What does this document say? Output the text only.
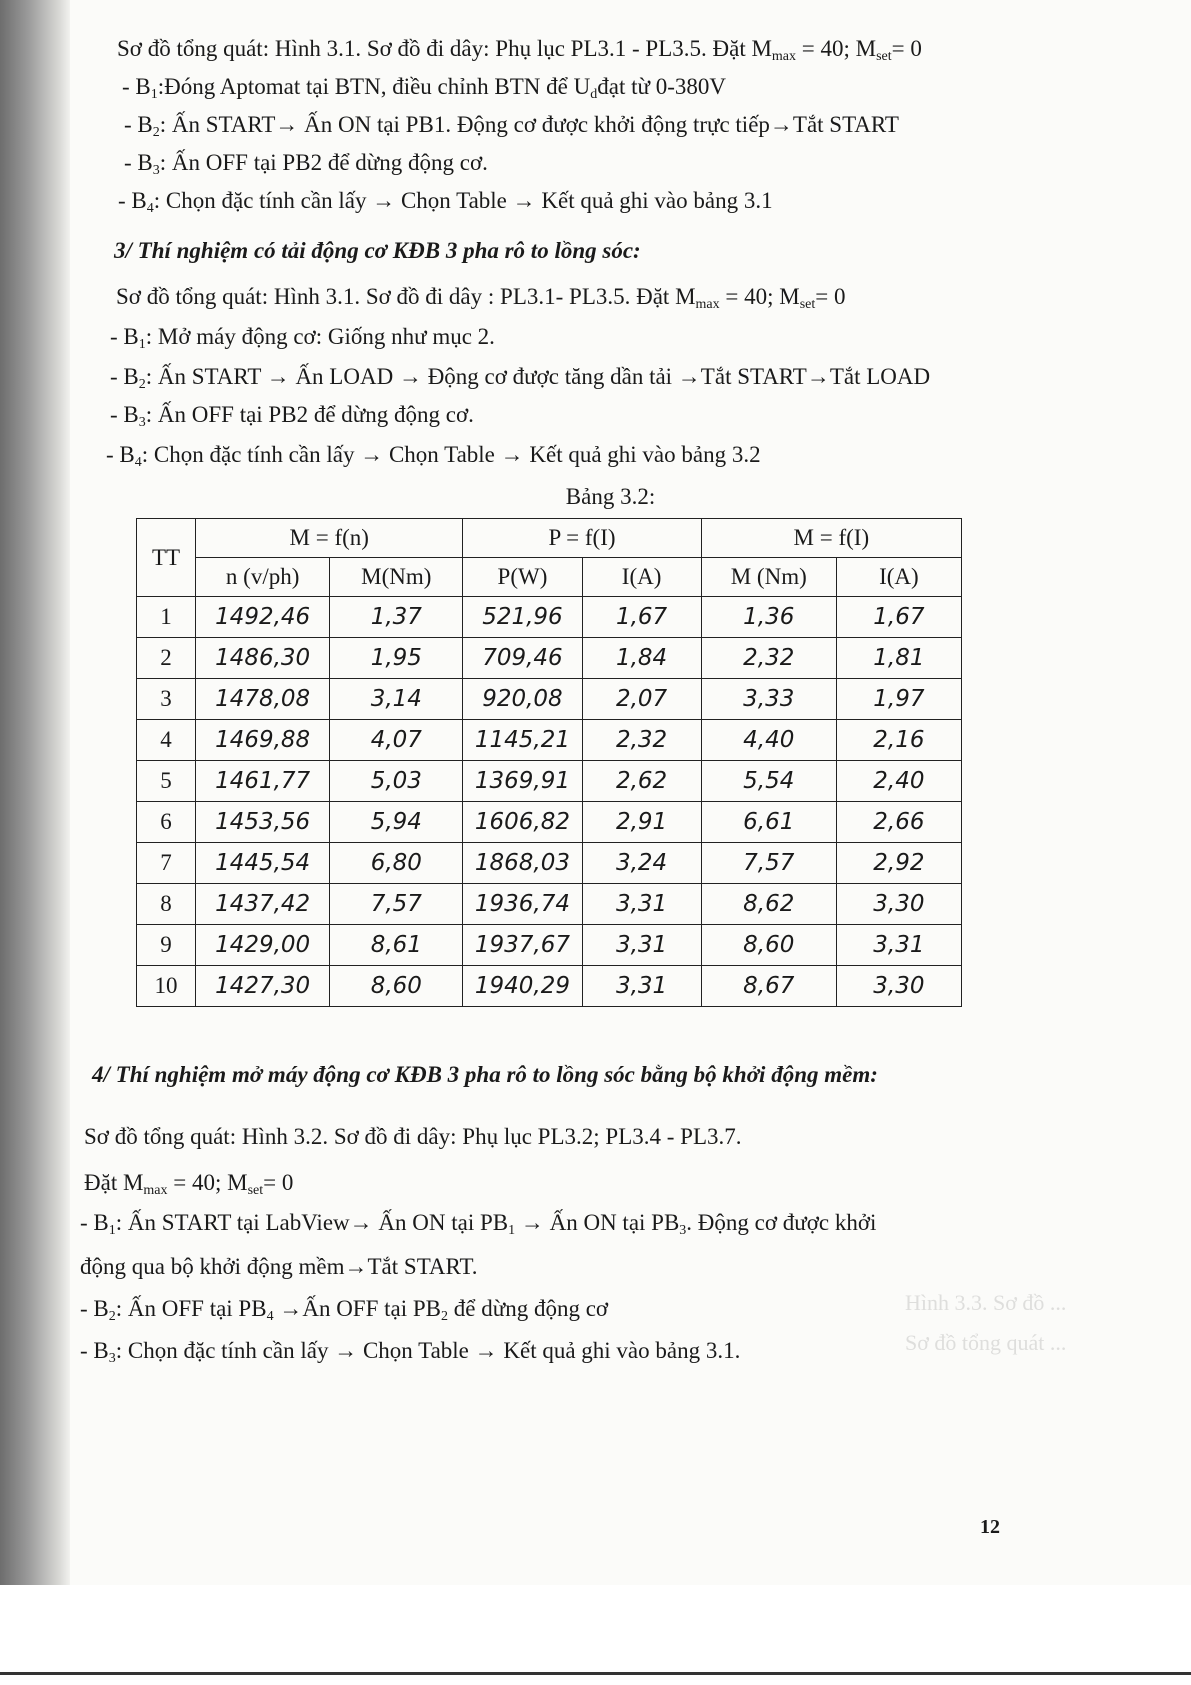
Hình 3.3. Sơ đồ ...
Sơ đồ tổng quát ...
Sơ đồ tổng quát: Hình 3.1. Sơ đồ đi dây: Phụ lục PL3.1 - PL3.5. Đặt $M_{max} = 40$; $M_{set}= 0$
- $B_1:Đóng$ Aptomat tại BTN, điều chỉnh BTN để $U_dđạt$ từ 0-380V
- $B_2$: Ấn START→ Ấn ON tại PB1. Động cơ được khởi động trực tiếp→Tắt START
- $B_3$: Ấn OFF tại PB2 để dừng động cơ.
- $B_4$: Chọn đặc tính cần lấy → Chọn Table → Kết quả ghi vào bảng 3.1
3/ Thí nghiệm có tải động cơ KĐB 3 pha rô to lồng sóc:
Sơ đồ tổng quát: Hình 3.1. Sơ đồ đi dây : PL3.1- PL3.5. Đặt $M_{max} = 40$; $M_{set}= 0$
- $B_1$: Mở máy động cơ: Giống như mục 2.
- $B_2$: Ấn START → Ấn LOAD → Động cơ được tăng dần tải →Tắt START→Tắt LOAD
- $B_3$: Ấn OFF tại PB2 để dừng động cơ.
- $B_4$: Chọn đặc tính cần lấy → Chọn Table → Kết quả ghi vào bảng 3.2
Bảng 3.2:
TT	M = f(n)		P = f(I)		M = f(I)	
	n (v/ph)	M(Nm)	P(W)	I(A)	M (Nm)	I(A)
1	1492,46	1,37	521,96	1,67	1,36	1,67
2	1486,30	1,95	709,46	1,84	2,32	1,81
3	1478,08	3,14	920,08	2,07	3,33	1,97
4	1469,88	4,07	1145,21	2,32	4,40	2,16
5	1461,77	5,03	1369,91	2,62	5,54	2,40
6	1453,56	5,94	1606,82	2,91	6,61	2,66
7	1445,54	6,80	1868,03	3,24	7,57	2,92
8	1437,42	7,57	1936,74	3,31	8,62	3,30
9	1429,00	8,61	1937,67	3,31	8,60	3,31
10	1427,30	8,60	1940,29	3,31	8,67	3,30
4/ Thí nghiệm mở máy động cơ KĐB 3 pha rô to lồng sóc bằng bộ khởi động mềm:
Sơ đồ tổng quát: Hình 3.2. Sơ đồ đi dây: Phụ lục PL3.2; PL3.4 - PL3.7.
Đặt $M_{max} = 40$; $M_{set}= 0$
- $B_1$: Ấn START tại LabView→ Ấn ON tại $PB_1$ → Ấn ON tại $PB_3$. Động cơ được khởi
động qua bộ khởi động mềm→Tắt START.
- $B_2$: Ấn OFF tại $PB_4$ →Ấn OFF tại $PB_2$ để dừng động cơ
- $B_3$: Chọn đặc tính cần lấy → Chọn Table → Kết quả ghi vào bảng 3.1.
12
